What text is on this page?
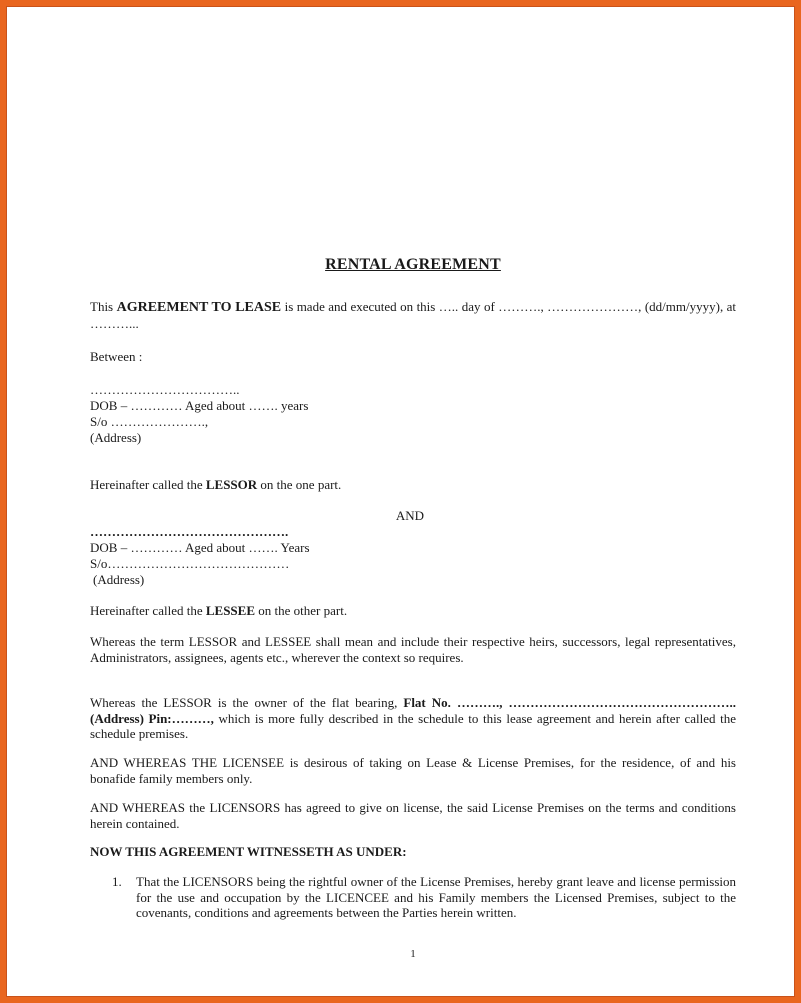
RENTAL AGREEMENT
This AGREEMENT TO LEASE is made and executed on this ….. day of ………., …………………, (dd/mm/yyyy), at ………...
Between :
……………………………..
DOB – ………… Aged about ……. years
S/o ………………….,
(Address)
Hereinafter called the LESSOR on the one part.
AND
……………………………………….
DOB – ………… Aged about ……. Years
S/o……………………………………
(Address)
Hereinafter called the LESSEE on the other part.
Whereas the term LESSOR and LESSEE shall mean and include their respective heirs, successors, legal representatives, Administrators, assignees, agents etc., wherever the context so requires.
Whereas the LESSOR is the owner of the flat bearing, Flat No. ………., ……………………………………………..(Address) Pin:………, which is more fully described in the schedule to this lease agreement and herein after called the schedule premises.
AND WHEREAS THE LICENSEE is desirous of taking on Lease & License Premises, for the residence, of and his bonafide family members only.
AND WHEREAS the LICENSORS has agreed to give on license, the said License Premises on the terms and conditions herein contained.
NOW THIS AGREEMENT WITNESSETH AS UNDER:
1. That the LICENSORS being the rightful owner of the License Premises, hereby grant leave and license permission for the use and occupation by the LICENCEE and his Family members the Licensed Premises, subject to the covenants, conditions and agreements between the Parties herein written.
1
